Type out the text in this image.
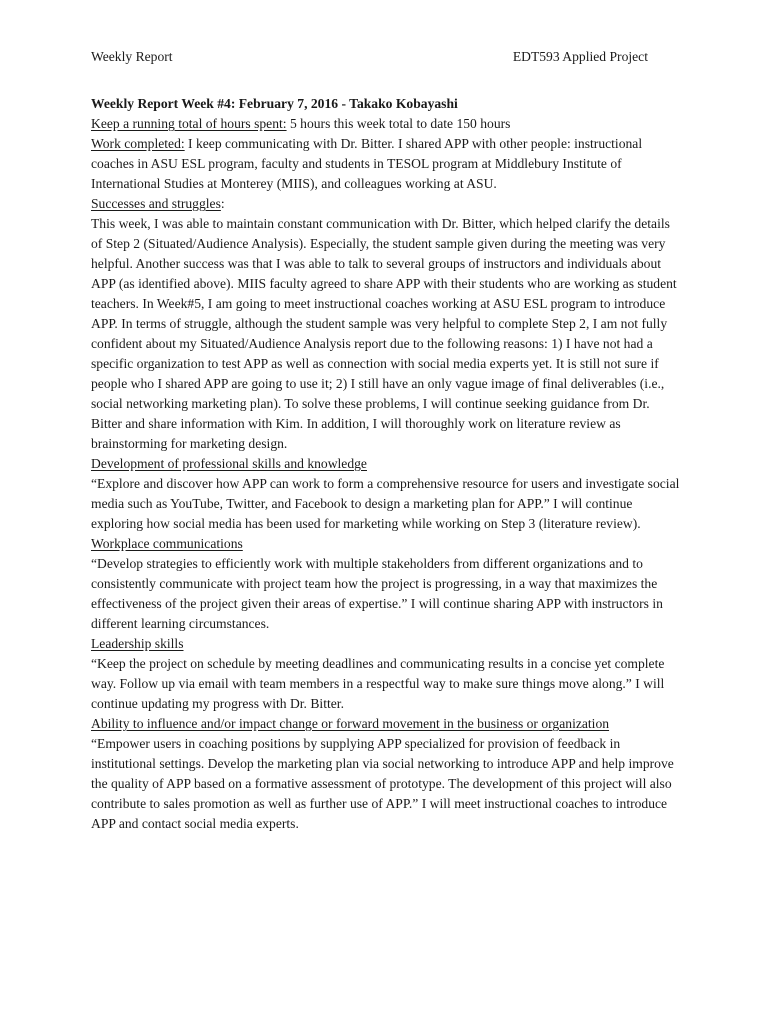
Weekly Report	EDT593 Applied Project

Weekly Report Week #4: February 7, 2016 - Takako Kobayashi

Keep a running total of hours spent: 5 hours this week total to date 150 hours

Work completed: I keep communicating with Dr. Bitter. I shared APP with other people: instructional coaches in ASU ESL program, faculty and students in TESOL program at Middlebury Institute of International Studies at Monterey (MIIS), and colleagues working at ASU.

Successes and struggles:

This week, I was able to maintain constant communication with Dr. Bitter, which helped clarify the details of Step 2 (Situated/Audience Analysis). Especially, the student sample given during the meeting was very helpful. Another success was that I was able to talk to several groups of instructors and individuals about APP (as identified above). MIIS faculty agreed to share APP with their students who are working as student teachers. In Week#5, I am going to meet instructional coaches working at ASU ESL program to introduce APP. In terms of struggle, although the student sample was very helpful to complete Step 2, I am not fully confident about my Situated/Audience Analysis report due to the following reasons: 1) I have not had a specific organization to test APP as well as connection with social media experts yet. It is still not sure if people who I shared APP are going to use it; 2) I still have an only vague image of final deliverables (i.e., social networking marketing plan). To solve these problems, I will continue seeking guidance from Dr. Bitter and share information with Kim. In addition, I will thoroughly work on literature review as brainstorming for marketing design.

Development of professional skills and knowledge

“Explore and discover how APP can work to form a comprehensive resource for users and investigate social media such as YouTube, Twitter, and Facebook to design a marketing plan for APP.” I will continue exploring how social media has been used for marketing while working on Step 3 (literature review).

Workplace communications

“Develop strategies to efficiently work with multiple stakeholders from different organizations and to consistently communicate with project team how the project is progressing, in a way that maximizes the effectiveness of the project given their areas of expertise.” I will continue sharing APP with instructors in different learning circumstances.

Leadership skills

“Keep the project on schedule by meeting deadlines and communicating results in a concise yet complete way. Follow up via email with team members in a respectful way to make sure things move along.” I will continue updating my progress with Dr. Bitter.

Ability to influence and/or impact change or forward movement in the business or organization

“Empower users in coaching positions by supplying APP specialized for provision of feedback in institutional settings. Develop the marketing plan via social networking to introduce APP and help improve the quality of APP based on a formative assessment of prototype. The development of this project will also contribute to sales promotion as well as further use of APP.” I will meet instructional coaches to introduce APP and contact social media experts.
